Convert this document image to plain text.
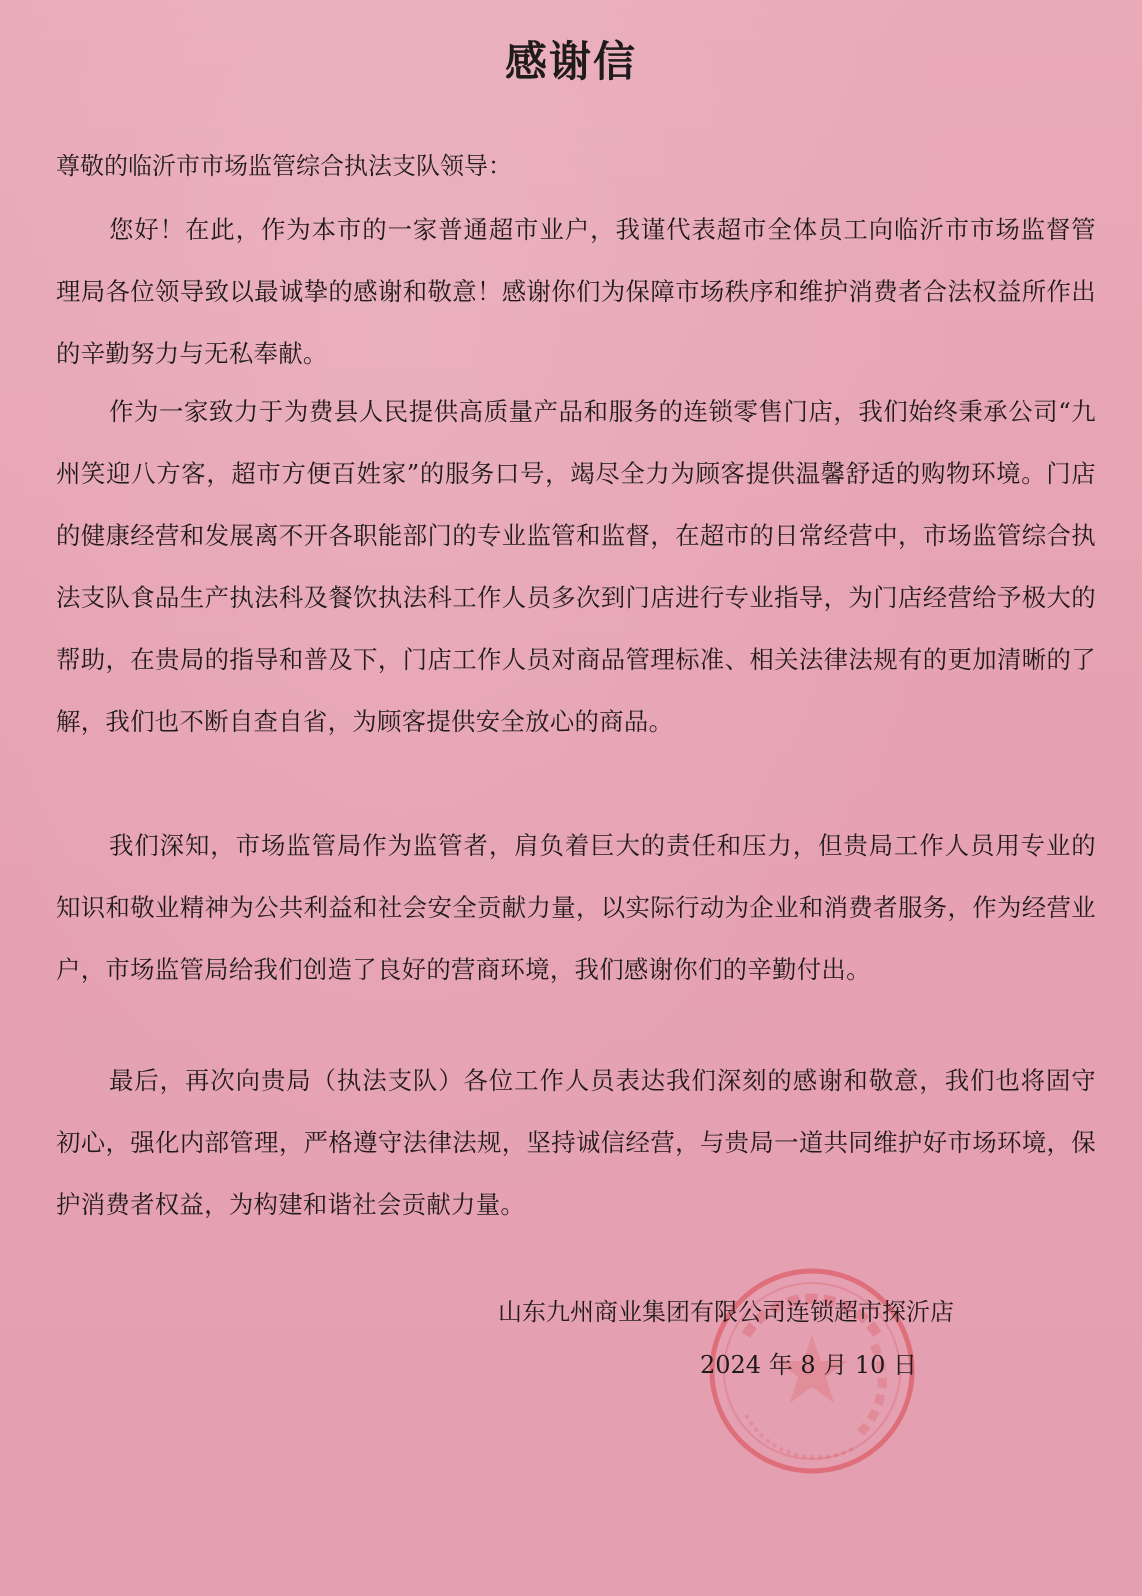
感谢信
尊敬的临沂市市场监管综合执法支队领导：

您好！在此，作为本市的一家普通超市业户，我谨代表超市全体员工向临沂市市场监督管理局各位领导致以最诚挚的感谢和敬意！感谢你们为保障市场秩序和维护消费者合法权益所作出的辛勤努力与无私奉献。

作为一家致力于为费县人民提供高质量产品和服务的连锁零售门店，我们始终秉承公司“九州笑迎八方客，超市方便百姓家”的服务口号，竭尽全力为顾客提供温馨舒适的购物环境。门店的健康经营和发展离不开各职能部门的专业监管和监督，在超市的日常经营中，市场监管综合执法支队食品生产执法科及餐饮执法科工作人员多次到门店进行专业指导，为门店经营给予极大的帮助，在贵局的指导和普及下，门店工作人员对商品管理标准、相关法律法规有的更加清晰的了解，我们也不断自查自省，为顾客提供安全放心的商品。

我们深知，市场监管局作为监管者，肩负着巨大的责任和压力，但贵局工作人员用专业的知识和敬业精神为公共利益和社会安全贡献力量，以实际行动为企业和消费者服务，作为经营业户，市场监管局给我们创造了良好的营商环境，我们感谢你们的辛勤付出。

最后，再次向贵局（执法支队）各位工作人员表达我们深刻的感谢和敬意，我们也将固守初心，强化内部管理，严格遵守法律法规，坚持诚信经营，与贵局一道共同维护好市场环境，保护消费者权益，为构建和谐社会贡献力量。

山东九州商业集团有限公司连锁超市探沂店
2024 年 8 月 10 日
